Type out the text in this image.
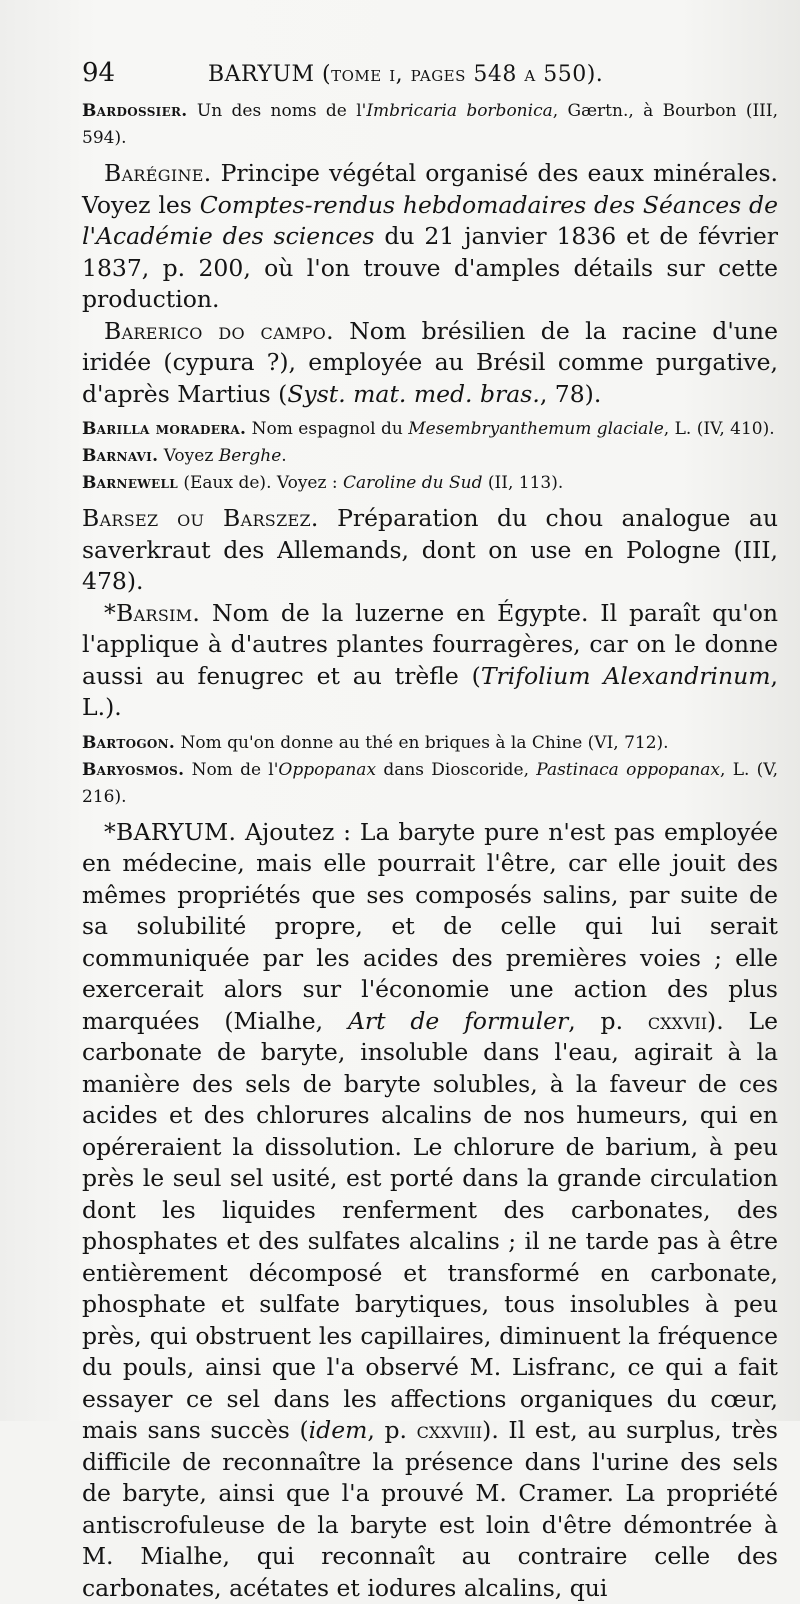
94	BARYUM (tome i, pages 548 a 550).

Bardossier. Un des noms de l'Imbricaria borbonica, Gærtn., à Bourbon (III, 594).

Barégine. Principe végétal organisé des eaux minérales. Voyez les Comptes-rendus hebdomadaires des Séances de l'Académie des sciences du 21 janvier 1836 et de février 1837, p. 200, où l'on trouve d'amples détails sur cette production.

Barerico do campo. Nom brésilien de la racine d'une iridée (cypura ?), employée au Brésil comme purgative, d'après Martius (Syst. mat. med. bras., 78).

Barilla moradera. Nom espagnol du Mesembryanthemum glaciale, L. (IV, 410).

Barnavi. Voyez Berghe.

Barnewell (Eaux de). Voyez : Caroline du Sud (II, 113).

Barsez ou Barszez. Préparation du chou analogue au saverkraut des Allemands, dont on use en Pologne (III, 478).

*Barsim. Nom de la luzerne en Égypte. Il paraît qu'on l'applique à d'autres plantes fourragères, car on le donne aussi au fenugrec et au trèfle (Trifolium Alexandrinum, L.).

Bartogon. Nom qu'on donne au thé en briques à la Chine (VI, 712).

Baryosmos. Nom de l'Oppopanax dans Dioscoride, Pastinaca oppopanax, L. (V, 216).

*BARYUM. Ajoutez : La baryte pure n'est pas employée en médecine, mais elle pourrait l'être, car elle jouit des mêmes propriétés que ses composés salins, par suite de sa solubilité propre, et de celle qui lui serait communiquée par les acides des premières voies ; elle exercerait alors sur l'économie une action des plus marquées (Mialhe, Art de formuler, p. cxxvii). Le carbonate de baryte, insoluble dans l'eau, agirait à la manière des sels de baryte solubles, à la faveur de ces acides et des chlorures alcalins de nos humeurs, qui en opéreraient la dissolution. Le chlorure de barium, à peu près le seul sel usité, est porté dans la grande circulation dont les liquides renferment des carbonates, des phosphates et des sulfates alcalins ; il ne tarde pas à être entièrement décomposé et transformé en carbonate, phosphate et sulfate barytiques, tous insolubles à peu près, qui obstruent les capillaires, diminuent la fréquence du pouls, ainsi que l'a observé M. Lisfranc, ce qui a fait essayer ce sel dans les affections organiques du cœur, mais sans succès (idem, p. cxxviii). Il est, au surplus, très difficile de reconnaître la présence dans l'urine des sels de baryte, ainsi que l'a prouvé M. Cramer. La propriété antiscrofuleuse de la baryte est loin d'être démontrée à M. Mialhe, qui reconnaît au contraire celle des carbonates, acétates et iodures alcalins, qui
